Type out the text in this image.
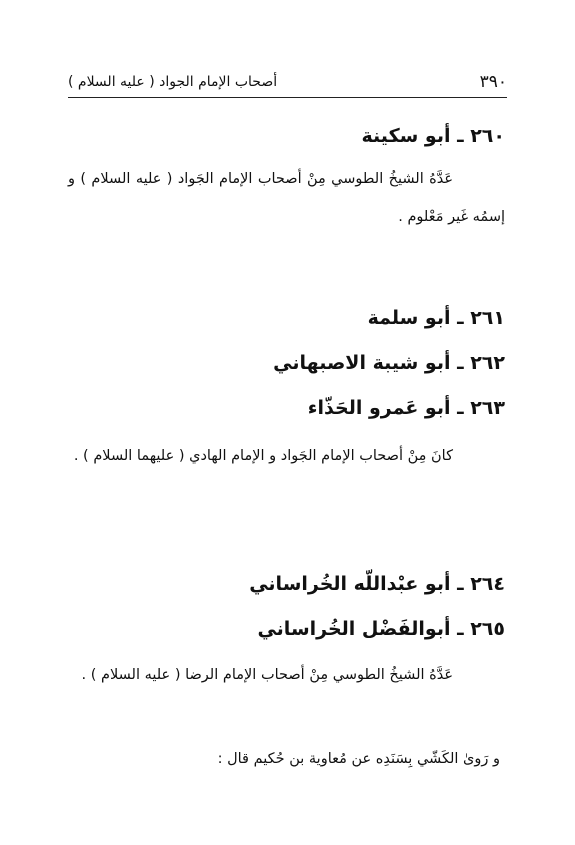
٣٩٠
أصحاب الإمام الجواد ( عليه السلام )
٢٦٠ ـ أبو سكينة

عَدَّهُ الشيخُ الطوسي مِنْ أصحاب الإمام الجَواد ( عليه السلام ) و إسمُه غَير مَعْلوم .

٢٦١ ـ أبو سلمة
٢٦٢ ـ أبو شيبة الاصبهاني
٢٦٣ ـ أبو عَمرو الحَذّاء

كانَ مِنْ أصحاب الإمام الجَواد و الإمام الهادي ( عليهما السلام ) .

٢٦٤ ـ أبو عبْداللّه الخُراساني
٢٦٥ ـ أبوالفَضْل الخُراساني

عَدَّهُ الشيخُ الطوسي مِنْ أصحاب الإمام الرضا ( عليه السلام ) .

و رَوىٰ الكَشّي بِسَنَدِه عن مُعاوية بن حُكيم قال :
